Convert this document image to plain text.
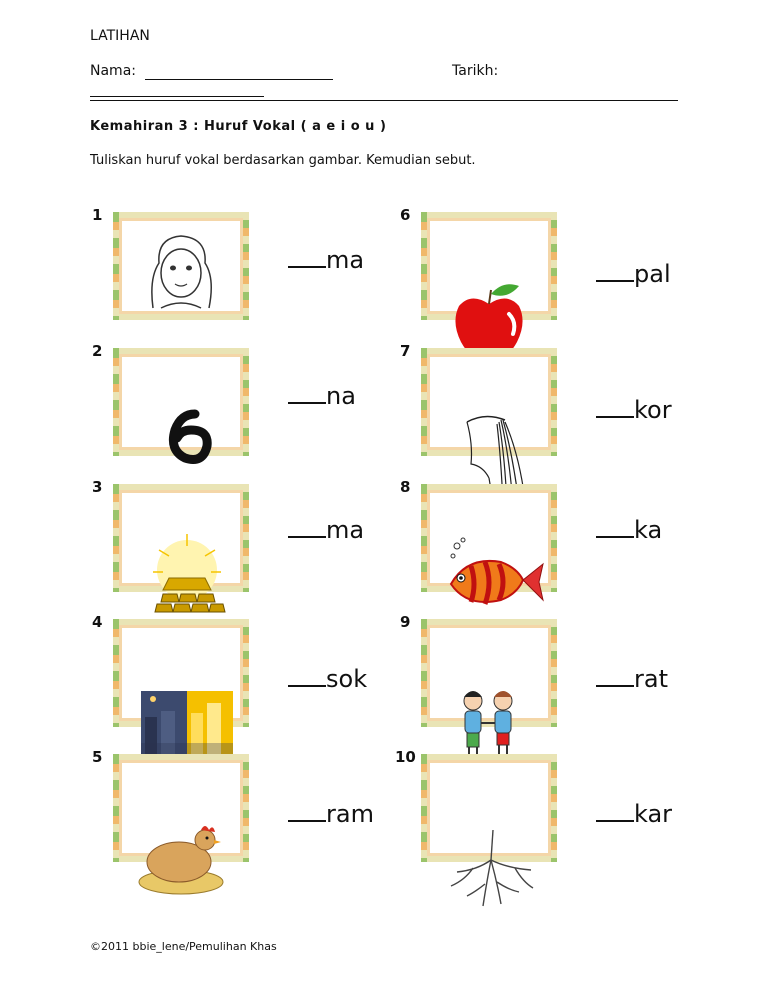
LATIHAN
Nama:	Tarikh:
Kemahiran 3 : Huruf Vokal ( a e i o u )
Tuliskan huruf vokal berdasarkan gambar. Kemudian sebut.
1
ma
2
na
3
ma
4
sok
5
ram
6
pal
7
kor
8
ka
9
rat
10
kar
©2011 bbie_lene/Pemulihan Khas
